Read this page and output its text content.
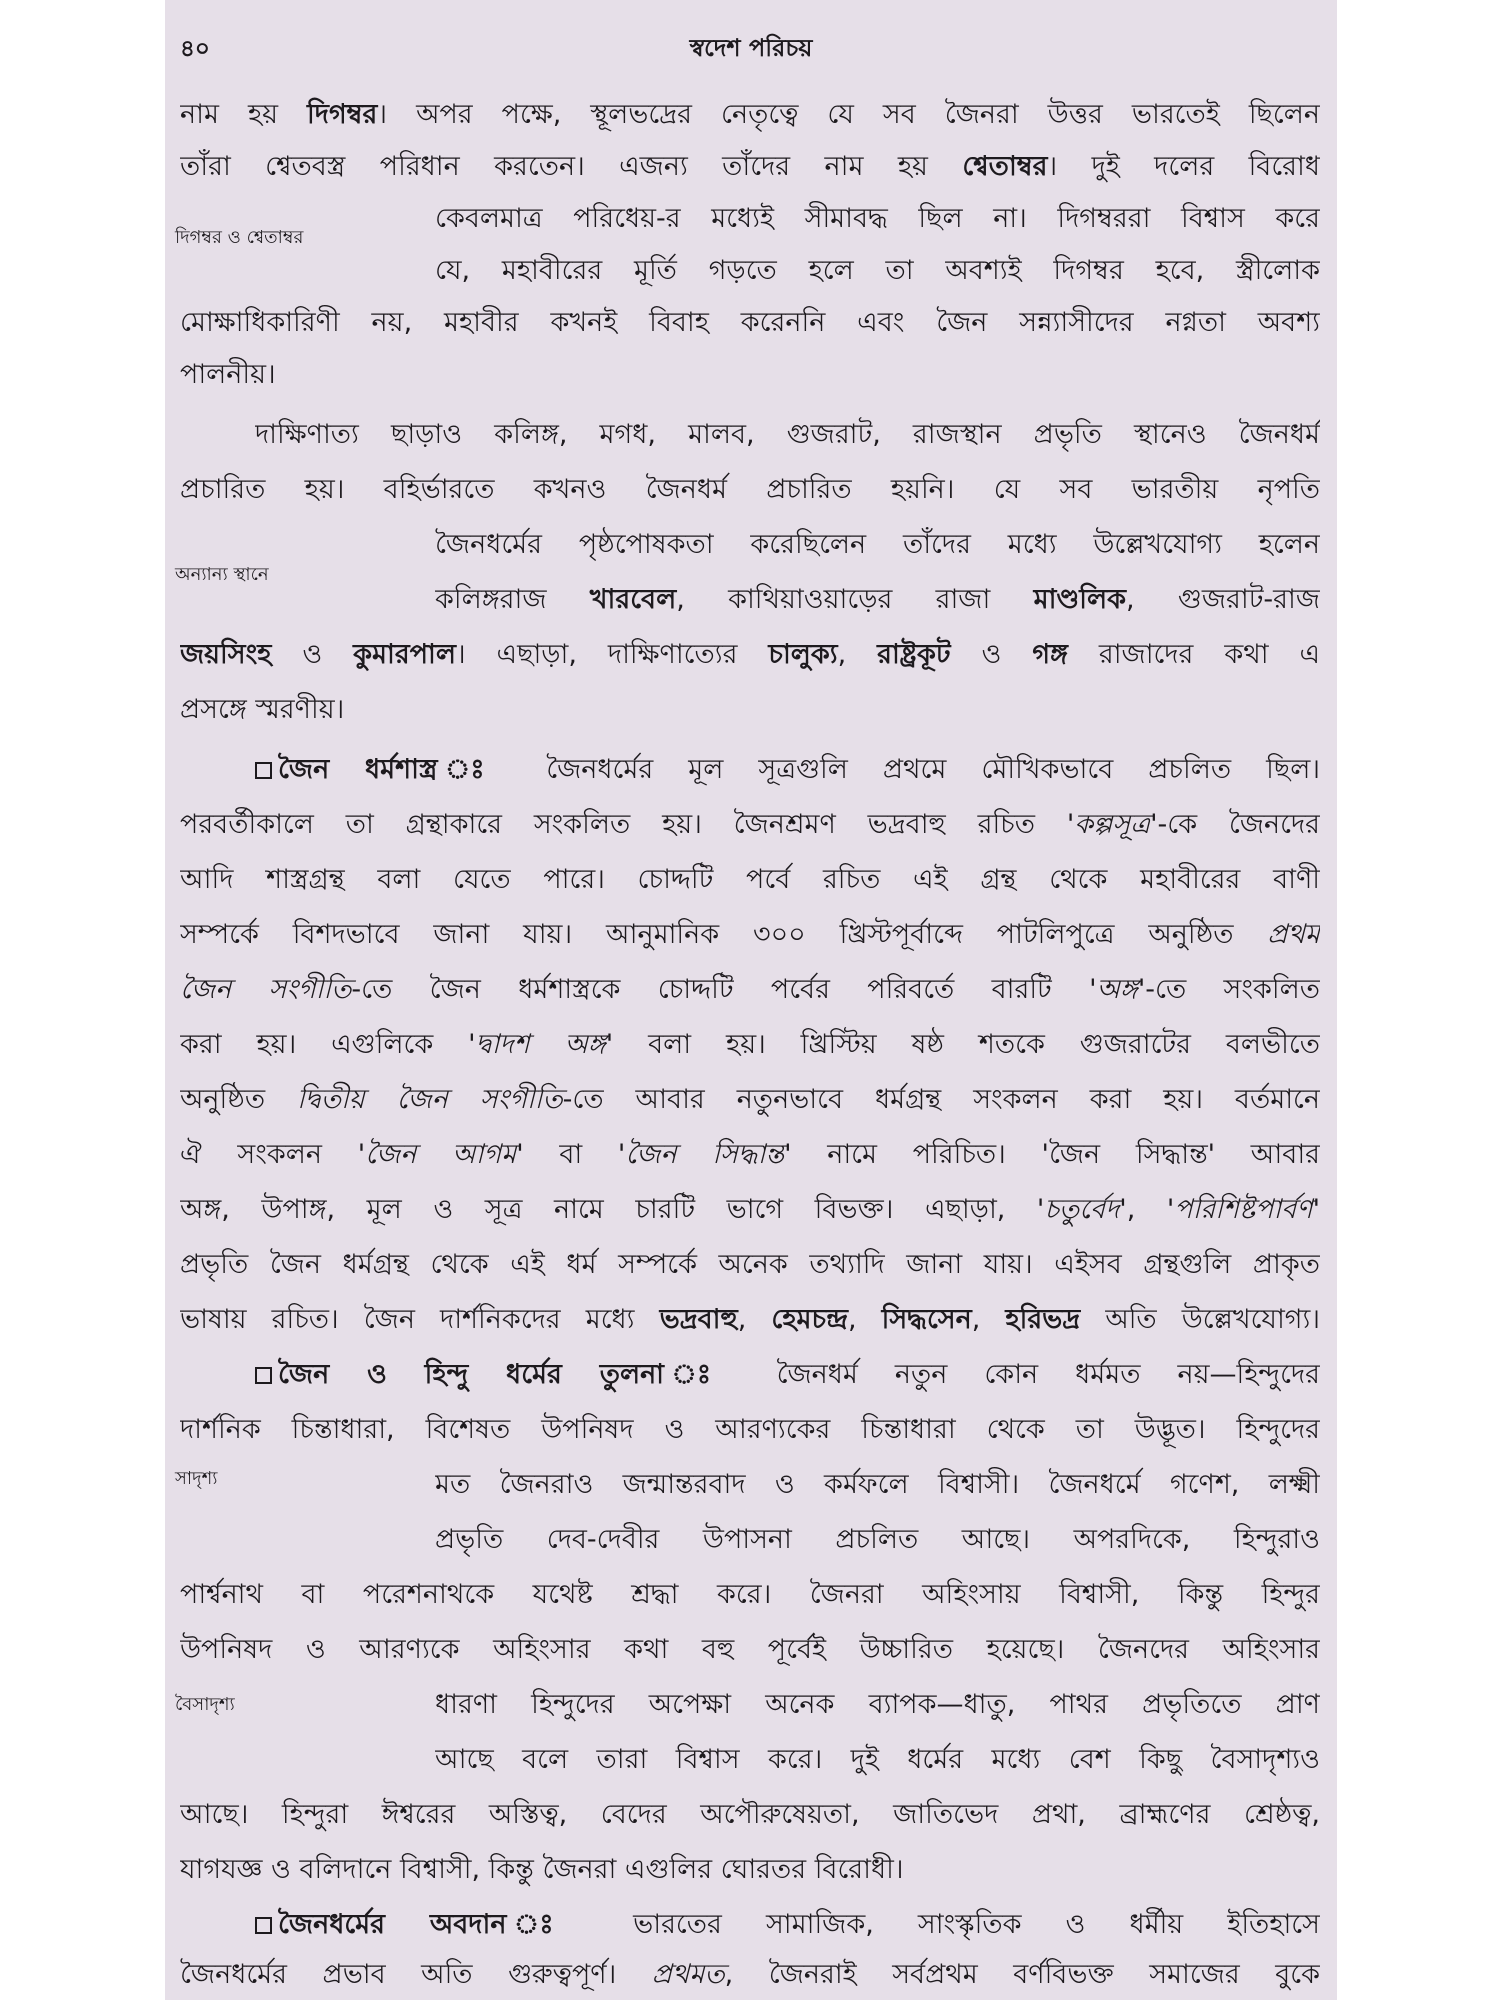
৪০	স্বদেশ পরিচয়
দিগম্বর ও শ্বেতাম্বর
অন্যান্য স্থানে
সাদৃশ্য
বৈসাদৃশ্য
নাম হয় দিগম্বর। অপর পক্ষে, স্থূলভদ্রের নেতৃত্বে যে সব জৈনরা উত্তর ভারতেই ছিলেন
তাঁরা শ্বেতবস্ত্র পরিধান করতেন। এজন্য তাঁদের নাম হয় শ্বেতাম্বর। দুই দলের বিরোধ
কেবলমাত্র পরিধেয়-র মধ্যেই সীমাবদ্ধ ছিল না। দিগম্বররা বিশ্বাস করে
যে, মহাবীরের মূর্তি গড়তে হলে তা অবশ্যই দিগম্বর হবে, স্ত্রীলোক
মোক্ষাধিকারিণী নয়, মহাবীর কখনই বিবাহ করেননি এবং জৈন সন্ন্যাসীদের নগ্নতা অবশ্য
পালনীয়।
দাক্ষিণাত্য ছাড়াও কলিঙ্গ, মগধ, মালব, গুজরাট, রাজস্থান প্রভৃতি স্থানেও জৈনধর্ম
প্রচারিত হয়। বহির্ভারতে কখনও জৈনধর্ম প্রচারিত হয়নি। যে সব ভারতীয় নৃপতি
জৈনধর্মের পৃষ্ঠপোষকতা করেছিলেন তাঁদের মধ্যে উল্লেখযোগ্য হলেন
কলিঙ্গরাজ খারবেল, কাথিয়াওয়াড়ের রাজা মাণ্ডলিক, গুজরাট-রাজ
জয়সিংহ ও কুমারপাল। এছাড়া, দাক্ষিণাত্যের চালুক্য, রাষ্ট্রকূট ও গঙ্গ রাজাদের কথা এ
প্রসঙ্গে স্মরণীয়।
জৈন ধর্মশাস্ত্র ঃ জৈনধর্মের মূল সূত্রগুলি প্রথমে মৌখিকভাবে প্রচলিত ছিল।
পরবর্তীকালে তা গ্রন্থাকারে সংকলিত হয়। জৈনশ্রমণ ভদ্রবাহু রচিত 'কল্পসূত্র'-কে জৈনদের
আদি শাস্ত্রগ্রন্থ বলা যেতে পারে। চোদ্দটি পর্বে রচিত এই গ্রন্থ থেকে মহাবীরের বাণী
সম্পর্কে বিশদভাবে জানা যায়। আনুমানিক ৩০০ খ্রিস্টপূর্বাব্দে পাটলিপুত্রে অনুষ্ঠিত প্রথম
জৈন সংগীতি-তে জৈন ধর্মশাস্ত্রকে চোদ্দটি পর্বের পরিবর্তে বারটি 'অঙ্গ'-তে সংকলিত
করা হয়। এগুলিকে 'দ্বাদশ অঙ্গ' বলা হয়। খ্রিস্টিয় ষষ্ঠ শতকে গুজরাটের বলভীতে
অনুষ্ঠিত দ্বিতীয় জৈন সংগীতি-তে আবার নতুনভাবে ধর্মগ্রন্থ সংকলন করা হয়। বর্তমানে
ঐ সংকলন 'জৈন আগম' বা 'জৈন সিদ্ধান্ত' নামে পরিচিত। 'জৈন সিদ্ধান্ত' আবার
অঙ্গ, উপাঙ্গ, মূল ও সূত্র নামে চারটি ভাগে বিভক্ত। এছাড়া, 'চতুর্বেদ', 'পরিশিষ্টপার্বণ'
প্রভৃতি জৈন ধর্মগ্রন্থ থেকে এই ধর্ম সম্পর্কে অনেক তথ্যাদি জানা যায়। এইসব গ্রন্থগুলি প্রাকৃত
ভাষায় রচিত। জৈন দার্শনিকদের মধ্যে ভদ্রবাহু, হেমচন্দ্র, সিদ্ধসেন, হরিভদ্র অতি উল্লেখযোগ্য।
জৈন ও হিন্দু ধর্মের তুলনা ঃ জৈনধর্ম নতুন কোন ধর্মমত নয়—হিন্দুদের
দার্শনিক চিন্তাধারা, বিশেষত উপনিষদ ও আরণ্যকের চিন্তাধারা থেকে তা উদ্ভূত। হিন্দুদের
মত জৈনরাও জন্মান্তরবাদ ও কর্মফলে বিশ্বাসী। জৈনধর্মে গণেশ, লক্ষ্মী
প্রভৃতি দেব-দেবীর উপাসনা প্রচলিত আছে। অপরদিকে, হিন্দুরাও
পার্শ্বনাথ বা পরেশনাথকে যথেষ্ট শ্রদ্ধা করে। জৈনরা অহিংসায় বিশ্বাসী, কিন্তু হিন্দুর
উপনিষদ ও আরণ্যকে অহিংসার কথা বহু পূর্বেই উচ্চারিত হয়েছে। জৈনদের অহিংসার
ধারণা হিন্দুদের অপেক্ষা অনেক ব্যাপক—ধাতু, পাথর প্রভৃতিতে প্রাণ
আছে বলে তারা বিশ্বাস করে। দুই ধর্মের মধ্যে বেশ কিছু বৈসাদৃশ্যও
আছে। হিন্দুরা ঈশ্বরের অস্তিত্ব, বেদের অপৌরুষেয়তা, জাতিভেদ প্রথা, ব্রাহ্মণের শ্রেষ্ঠত্ব,
যাগযজ্ঞ ও বলিদানে বিশ্বাসী, কিন্তু জৈনরা এগুলির ঘোরতর বিরোধী।
জৈনধর্মের অবদান ঃ ভারতের সামাজিক, সাংস্কৃতিক ও ধর্মীয় ইতিহাসে
জৈনধর্মের প্রভাব অতি গুরুত্বপূর্ণ। প্রথমত, জৈনরাই সর্বপ্রথম বর্ণবিভক্ত সমাজের বুকে
